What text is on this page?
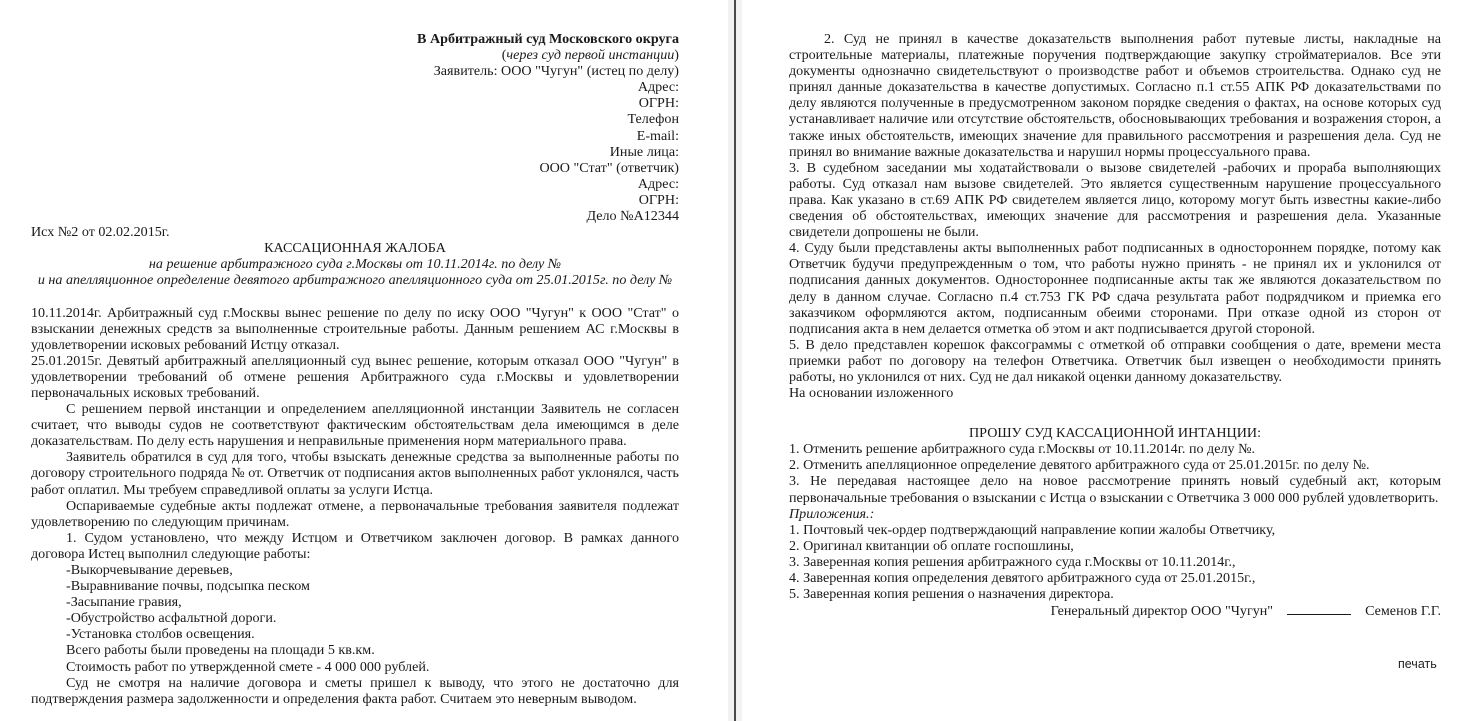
В Арбитражный суд Московского округа

(через суд первой инстанции)

Заявитель: ООО "Чугун" (истец по делу)

Адрес:

ОГРН:

Телефон

E-mail:

Иные лица:

ООО "Стат" (ответчик)

Адрес:

ОГРН:

Дело №А12344

Исх №2 от 02.02.2015г.

КАССАЦИОННАЯ ЖАЛОБА

на решение арбитражного суда г.Москвы от 10.11.2014г. по делу №

и на апелляционное определение девятого арбитражного апелляционного суда от 25.01.2015г. по делу №

10.11.2014г. Арбитражный суд г.Москвы вынес решение по делу по иску ООО "Чугун" к ООО "Стат" о взыскании денежных средств за выполненные строительные работы. Данным решением АС г.Москвы в удовлетворении исковых ребований Истцу отказал.

25.01.2015г. Девятый арбитражный апелляционный суд вынес решение, которым отказал ООО "Чугун" в удовлетворении требований об отмене решения Арбитражного суда г.Москвы и удовлетворении первоначальных исковых требований.

С решением первой инстанции и определением апелляционной инстанции Заявитель не согласен считает, что выводы судов не соответствуют фактическим обстоятельствам дела имеющимся в деле доказательствам. По делу есть нарушения и неправильные применения норм материального права.

Заявитель обратился в суд для того, чтобы взыскать денежные средства за выполненные работы по договору строительного подряда № от. Ответчик от подписания актов выполненных работ уклонялся, часть работ оплатил. Мы требуем справедливой оплаты за услуги Истца.

Оспариваемые судебные акты подлежат отмене, а первоначальные требования заявителя подлежат удовлетворению по следующим причинам.

1. Судом установлено, что между Истцом и Ответчиком заключен договор. В рамках данного договора Истец выполнил следующие работы:

-Выкорчевывание деревьев,

-Выравнивание почвы, подсыпка песком

-Засыпание гравия,

-Обустройство асфальтной дороги.

-Установка столбов освещения.

Всего работы были проведены на площади 5 кв.км.

Стоимость работ по утвержденной смете - 4 000 000 рублей.

Суд не смотря на наличие договора и сметы пришел к выводу, что этого не достаточно для подтверждения размера задолженности и определения факта работ. Считаем это неверным выводом.

2. Суд не принял в качестве доказательств выполнения работ путевые листы, накладные на строительные материалы, платежные поручения подтверждающие закупку стройматериалов. Все эти документы однозначно свидетельствуют о производстве работ и объемов строительства. Однако суд не принял данные доказательства в качестве допустимых. Согласно п.1 ст.55 АПК РФ доказательствами по делу являются полученные в предусмотренном законом порядке сведения о фактах, на основе которых суд устанавливает наличие или отсутствие обстоятельств, обосновывающих требования и возражения сторон, а также иных обстоятельств, имеющих значение для правильного рассмотрения и разрешения дела. Суд не принял во внимание важные доказательства и нарушил нормы процессуального права.

3. В судебном заседании мы ходатайствовали о вызове свидетелей -рабочих и прораба выполняющих работы. Суд отказал нам вызове свидетелей. Это является существенным нарушение процессуального права. Как указано в ст.69 АПК РФ свидетелем является лицо, которому могут быть известны какие-либо сведения об обстоятельствах, имеющих значение для рассмотрения и разрешения дела. Указанные свидетели допрошены не были.

4. Суду были представлены акты выполненных работ подписанных в одностороннем порядке, потому как Ответчик будучи предупрежденным о том, что работы нужно принять - не принял их и уклонился от подписания данных документов. Одностороннее подписанные акты так же являются доказательством по делу в данном случае. Согласно п.4 ст.753 ГК РФ сдача результата работ подрядчиком и приемка его заказчиком оформляются актом, подписанным обеими сторонами. При отказе одной из сторон от подписания акта в нем делается отметка об этом и акт подписывается другой стороной.

5. В дело представлен корешок факсограммы с отметкой об отправки сообщения о дате, времени места приемки работ по договору на телефон Ответчика. Ответчик был извещен о необходимости принять работы, но уклонился от них. Суд не дал никакой оценки данному доказательству.

На основании изложенного

ПРОШУ СУД КАССАЦИОННОЙ ИНТАНЦИИ:

1. Отменить решение арбитражного суда г.Москвы от 10.11.2014г. по делу №.

2. Отменить апелляционное определение девятого арбитражного суда от 25.01.2015г. по делу №.

3. Не передавая настоящее дело на новое рассмотрение принять новый судебный акт, которым первоначальные требования о взыскании с Истца о взыскании с Ответчика 3 000 000 рублей удовлетворить.

Приложения.:

1. Почтовый чек-ордер подтверждающий направление копии жалобы Ответчику,

2. Оригинал квитанции об оплате госпошлины,

3. Заверенная копия решения арбитражного суда г.Москвы от 10.11.2014г.,

4. Заверенная копия определения девятого арбитражного суда от 25.01.2015г.,

5. Заверенная копия решения о назначения директора.

Генеральный директор ООО "Чугун"	Семенов Г.Г.
печать
